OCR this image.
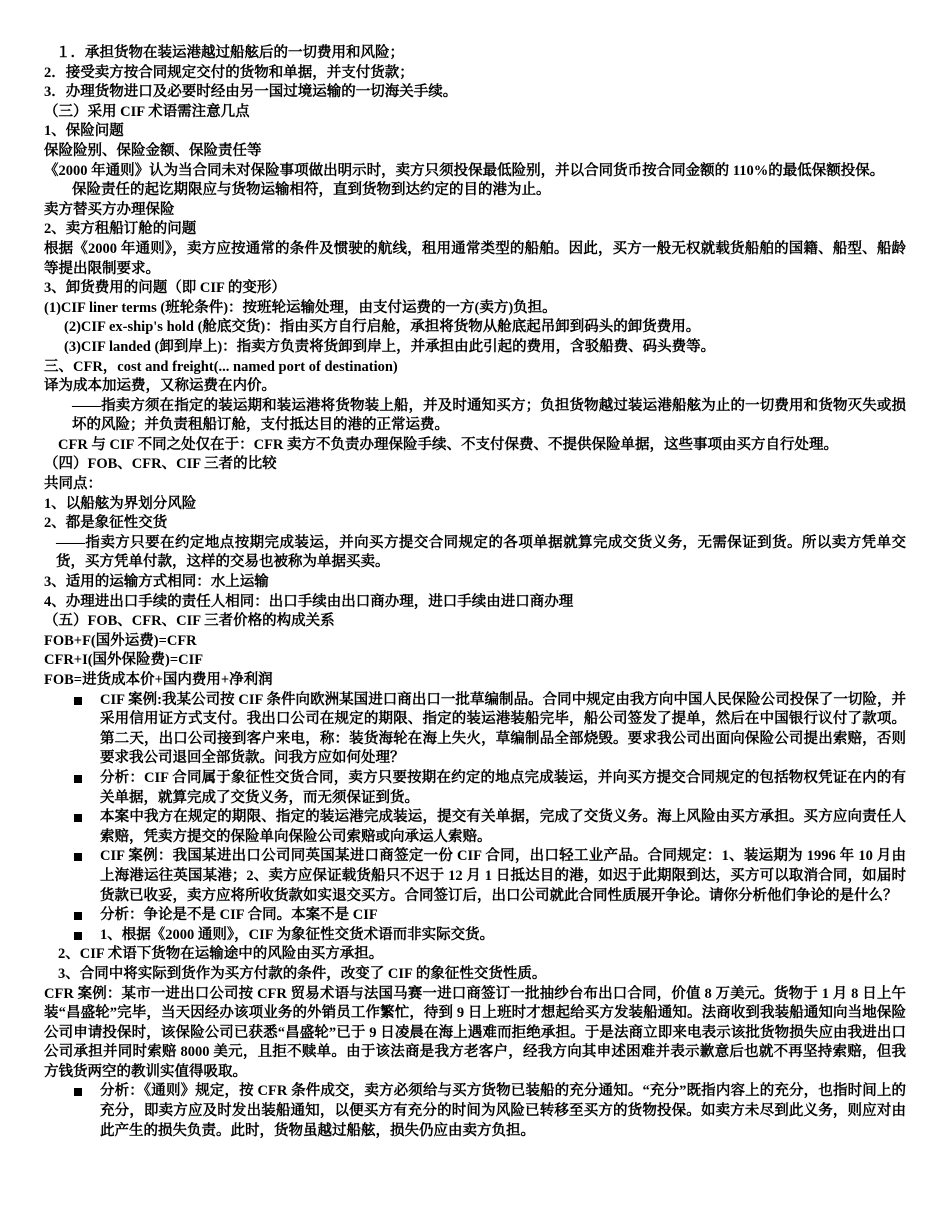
１．承担货物在装运港越过船舷后的一切费用和风险；
2．接受卖方按合同规定交付的货物和单据，并支付货款；
3．办理货物进口及必要时经由另一国过境运输的一切海关手续。
（三）采用 CIF 术语需注意几点
1、保险问题
保险险别、保险金额、保险责任等
《2000 年通则》认为当合同未对保险事项做出明示时，卖方只须投保最低险别，并以合同货币按合同金额的 110%的最低保额投保。
保险责任的起讫期限应与货物运输相符，直到货物到达约定的目的港为止。
卖方替买方办理保险
2、卖方租船订舱的问题
根据《2000 年通则》，卖方应按通常的条件及惯驶的航线，租用通常类型的船舶。因此，买方一般无权就载货船舶的国籍、船型、船龄等提出限制要求。
3、卸货费用的问题（即 CIF 的变形）
(1)CIF liner terms (班轮条件)：按班轮运输处理，由支付运费的一方(卖方)负担。
(2)CIF ex-ship's hold (舱底交货)：指由买方自行启舱，承担将货物从舱底起吊卸到码头的卸货费用。
(3)CIF landed (卸到岸上)：指卖方负责将货卸到岸上，并承担由此引起的费用，含驳船费、码头费等。
三、CFR，cost and freight(... named port of destination)
译为成本加运费，又称运费在内价。
——指卖方须在指定的装运期和装运港将货物装上船，并及时通知买方；负担货物越过装运港船舷为止的一切费用和货物灭失或损坏的风险；并负责租船订舱，支付抵达目的港的正常运费。
CFR 与 CIF 不同之处仅在于：CFR 卖方不负责办理保险手续、不支付保费、不提供保险单据，这些事项由买方自行处理。
（四）FOB、CFR、CIF 三者的比较
共同点：
1、以船舷为界划分风险
2、都是象征性交货
——指卖方只要在约定地点按期完成装运，并向买方提交合同规定的各项单据就算完成交货义务，无需保证到货。所以卖方凭单交货，买方凭单付款，这样的交易也被称为单据买卖。
3、适用的运输方式相同：水上运输
4、办理进出口手续的责任人相同：出口手续由出口商办理，进口手续由进口商办理
（五）FOB、CFR、CIF 三者价格的构成关系
FOB+F(国外运费)=CFR
CFR+I(国外保险费)=CIF
FOB=进货成本价+国内费用+净利润
CIF 案例:我某公司按 CIF 条件向欧洲某国进口商出口一批草编制品。合同中规定由我方向中国人民保险公司投保了一切险，并采用信用证方式支付。我出口公司在规定的期限、指定的装运港装船完毕，船公司签发了提单，然后在中国银行议付了款项。第二天，出口公司接到客户来电，称：装货海轮在海上失火，草编制品全部烧毁。要求我公司出面向保险公司提出索赔，否则要求我公司退回全部货款。问我方应如何处理？
分析：CIF 合同属于象征性交货合同，卖方只要按期在约定的地点完成装运，并向买方提交合同规定的包括物权凭证在内的有关单据，就算完成了交货义务，而无须保证到货。
本案中我方在规定的期限、指定的装运港完成装运，提交有关单据，完成了交货义务。海上风险由买方承担。买方应向责任人索赔，凭卖方提交的保险单向保险公司索赔或向承运人索赔。
CIF 案例：我国某进出口公司同英国某进口商签定一份 CIF 合同，出口轻工业产品。合同规定：1、装运期为 1996 年 10 月由上海港运往英国某港；2、卖方应保证载货船只不迟于 12 月 1 日抵达目的港，如迟于此期限到达，买方可以取消合同，如届时货款已收妥，卖方应将所收货款如实退交买方。合同签订后，出口公司就此合同性质展开争论。请你分析他们争论的是什么？
分析：争论是不是 CIF 合同。本案不是 CIF
1、根据《2000 通则》，CIF 为象征性交货术语而非实际交货。
2、CIF 术语下货物在运输途中的风险由买方承担。
3、合同中将实际到货作为买方付款的条件，改变了 CIF 的象征性交货性质。
CFR 案例：某市一进出口公司按 CFR 贸易术语与法国马赛一进口商签订一批抽纱台布出口合同，价值 8 万美元。货物于 1 月 8 日上午装“昌盛轮”完毕，当天因经办该项业务的外销员工作繁忙，待到 9 日上班时才想起给买方发装船通知。法商收到我装船通知向当地保险公司申请投保时，该保险公司已获悉“昌盛轮”已于 9 日凌晨在海上遇难而拒绝承担。于是法商立即来电表示该批货物损失应由我进出口公司承担并同时索赔 8000 美元，且拒不赎单。由于该法商是我方老客户，经我方向其申述困难并表示歉意后也就不再坚持索赔，但我方钱货两空的教训实值得吸取。
分析：《通则》规定，按 CFR 条件成交，卖方必须给与买方货物已装船的充分通知。“充分”既指内容上的充分，也指时间上的充分，即卖方应及时发出装船通知，以便买方有充分的时间为风险已转移至买方的货物投保。如卖方未尽到此义务，则应对由此产生的损失负责。此时，货物虽越过船舷，损失仍应由卖方负担。
